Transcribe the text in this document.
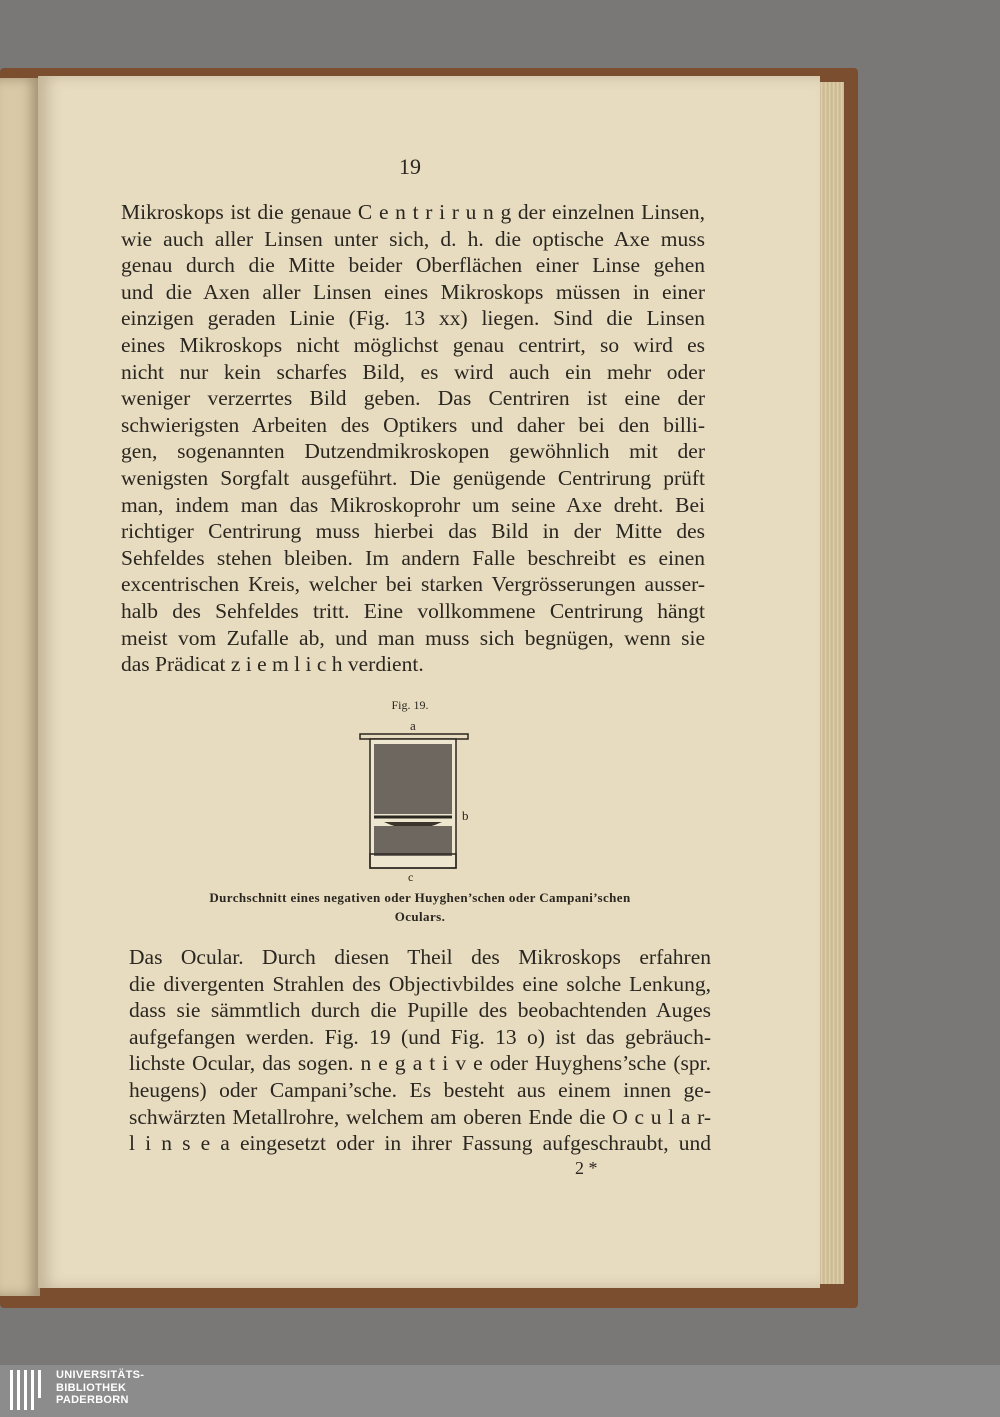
19
Mikroskops ist die genaue C e n t r i r u n g der einzelnen Linsen,
wie auch aller Linsen unter sich, d. h. die optische Axe muss
genau durch die Mitte beider Oberflächen einer Linse gehen
und die Axen aller Linsen eines Mikroskops müssen in einer
einzigen geraden Linie (Fig. 13 xx) liegen. Sind die Linsen
eines Mikroskops nicht möglichst genau centrirt, so wird es
nicht nur kein scharfes Bild, es wird auch ein mehr oder
weniger verzerrtes Bild geben. Das Centriren ist eine der
schwierigsten Arbeiten des Optikers und daher bei den billi-
gen, sogenannten Dutzendmikroskopen gewöhnlich mit der
wenigsten Sorgfalt ausgeführt. Die genügende Centrirung prüft
man, indem man das Mikroskoprohr um seine Axe dreht. Bei
richtiger Centrirung muss hierbei das Bild in der Mitte des
Sehfeldes stehen bleiben. Im andern Falle beschreibt es einen
excentrischen Kreis, welcher bei starken Vergrösserungen ausser-
halb des Sehfeldes tritt. Eine vollkommene Centrirung hängt
meist vom Zufalle ab, und man muss sich begnügen, wenn sie
das Prädicat z i e m l i c h verdient.
Fig. 19.
a
b
c
Durchschnitt eines negativen oder Huyghen’schen oder Campani’schen
Oculars.
Das Ocular. Durch diesen Theil des Mikroskops erfahren
die divergenten Strahlen des Objectivbildes eine solche Lenkung,
dass sie sämmtlich durch die Pupille des beobachtenden Auges
aufgefangen werden. Fig. 19 (und Fig. 13 o) ist das gebräuch-
lichste Ocular, das sogen. n e g a t i v e oder Huyghens’sche (spr.
heugens) oder Campani’sche. Es besteht aus einem innen ge-
schwärzten Metallrohre, welchem am oberen Ende die O c u l a r-
l i n s e a eingesetzt oder in ihrer Fassung aufgeschraubt, und
2 *
UNIVERSITÄTS-
BIBLIOTHEK
PADERBORN
